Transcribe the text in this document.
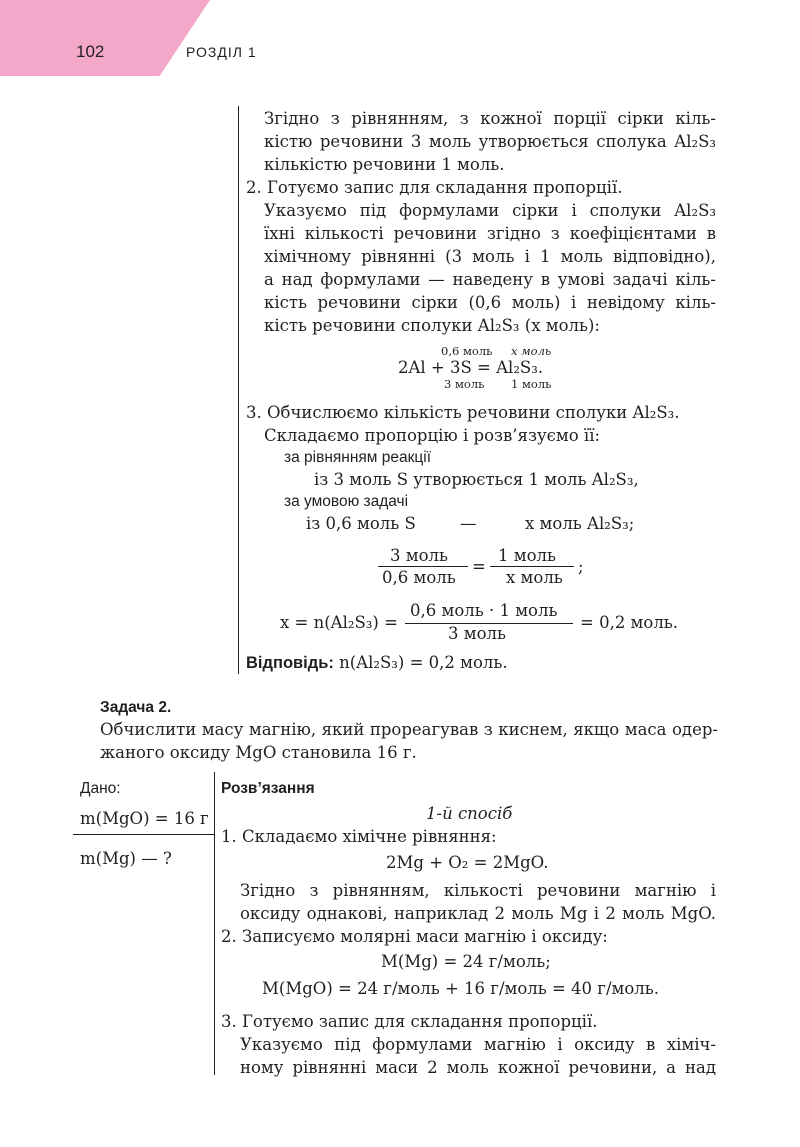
102	РОЗДІЛ 1
Згідно з рівнянням, з кожної порції сірки кіль-
кістю речовини 3 моль утворюється сполука Al₂S₃
кількістю речовини 1 моль.
2. Готуємо запис для складання пропорції.
Указуємо під формулами сірки і сполуки Al₂S₃
їхні кількості речовини згідно з коефіцієнтами в
хімічному рівнянні (3 моль і 1 моль відповідно),
а над формулами — наведену в умові задачі кіль-
кість речовини сірки (0,6 моль) і невідому кіль-
кість речовини сполуки Al₂S₃ (x моль):
0,6 моль x моль
2Al + 3S = Al₂S₃.
3 моль 1 моль
3. Обчислюємо кількість речовини сполуки Al₂S₃.
Складаємо пропорцію і розв’язуємо її:
за рівнянням реакції
із 3 моль S утворюється 1 моль Al₂S₃,
за умовою задачі
із 0,6 моль S	—	x моль Al₂S₃;
3 моль
0,6 моль
=
1 моль
x моль
;
x = n(Al₂S₃) =
0,6 моль · 1 моль
3 моль
= 0,2 моль.
Відповідь: n(Al₂S₃) = 0,2 моль.
Задача 2.
Обчислити масу магнію, який прореагував з киснем, якщо маса одер-
жаного оксиду MgO становила 16 г.
Дано:
m(MgO) = 16 г
m(Mg) — ?
Розв’язання
1-й спосіб
1. Складаємо хімічне рівняння:
2Mg + O₂ = 2MgO.
Згідно з рівнянням, кількості речовини магнію і
оксиду однакові, наприклад 2 моль Mg і 2 моль MgO.
2. Записуємо молярні маси магнію і оксиду:
M(Mg) = 24 г/моль;
M(MgO) = 24 г/моль + 16 г/моль = 40 г/моль.
3. Готуємо запис для складання пропорції.
Указуємо під формулами магнію і оксиду в хіміч-
ному рівнянні маси 2 моль кожної речовини, а над
